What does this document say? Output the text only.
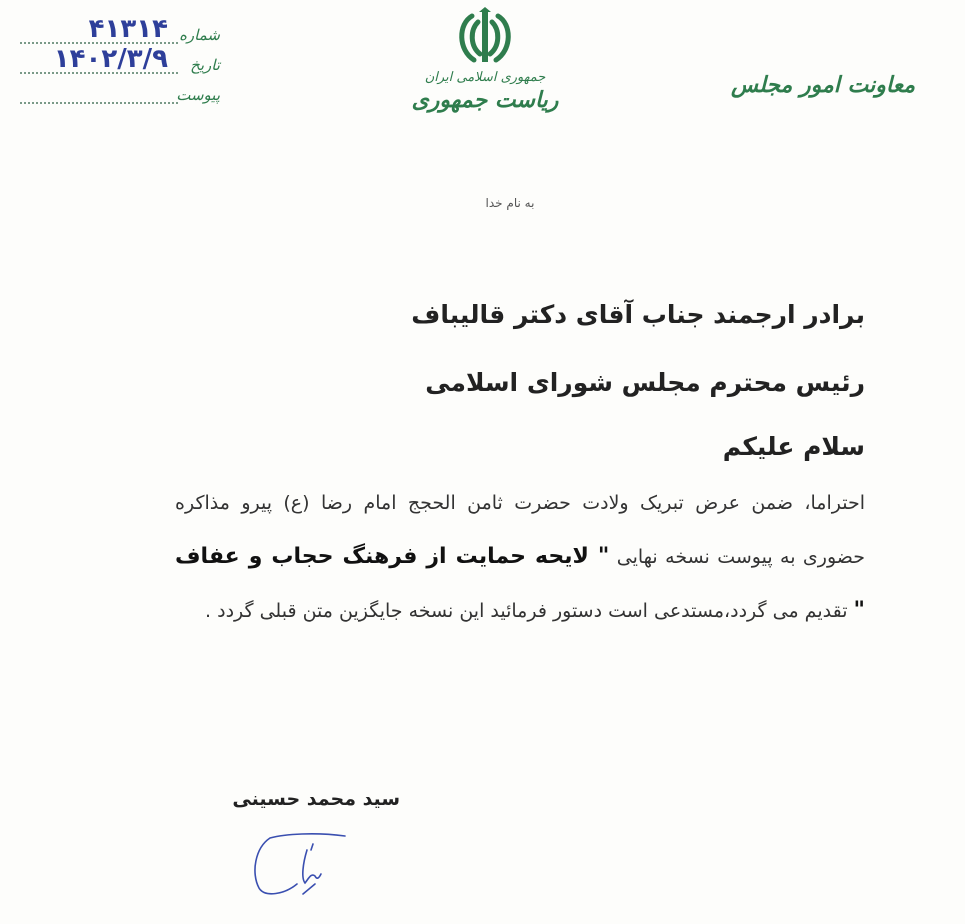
شماره
۴۱۳۱۴
تاریخ
۱۴۰۲/۳/۹
پیوست
جمهوری اسلامی ایران
ریاست جمهوری
معاونت امور مجلس
به نام خدا
برادر ارجمند جناب آقای دکتر قالیباف
رئیس محترم مجلس شورای اسلامی
سلام علیکم
احتراما، ضمن عرض تبریک ولادت حضرت ثامن الحجج امام رضا (ع) پیرو مذاکره حضوری به پیوست نسخه نهایی " لایحه حمایت از فرهنگ حجاب و عفاف " تقدیم می گردد،مستدعی است دستور فرمائید این نسخه جایگزین متن قبلی گردد .
سید محمد حسینی
